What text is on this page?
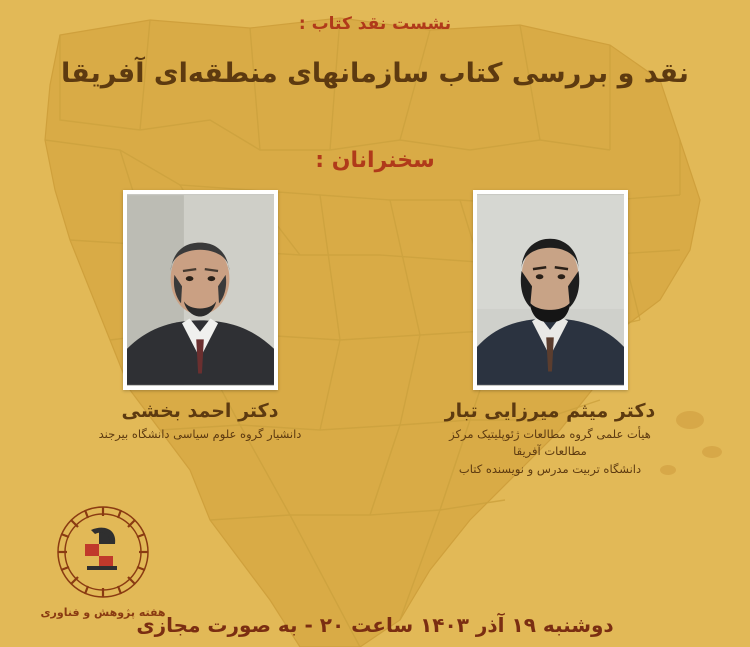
نشست نقد کتاب :
نقد و بررسی کتاب سازمانهای منطقه‌ای آفریقا
سخنرانان :
دکتر میثم میرزایی تبار
هیأت علمی گروه مطالعات ژئوپلیتیک مرکز مطالعات آفریقا
دانشگاه تربیت مدرس و نویسنده کتاب
دکتر احمد بخشی
دانشیار گروه علوم سیاسی دانشگاه بیرجند
هفته پژوهش و فناوری
دوشنبه ۱۹ آذر ۱۴۰۳ ساعت ۲۰ - به صورت مجازی
